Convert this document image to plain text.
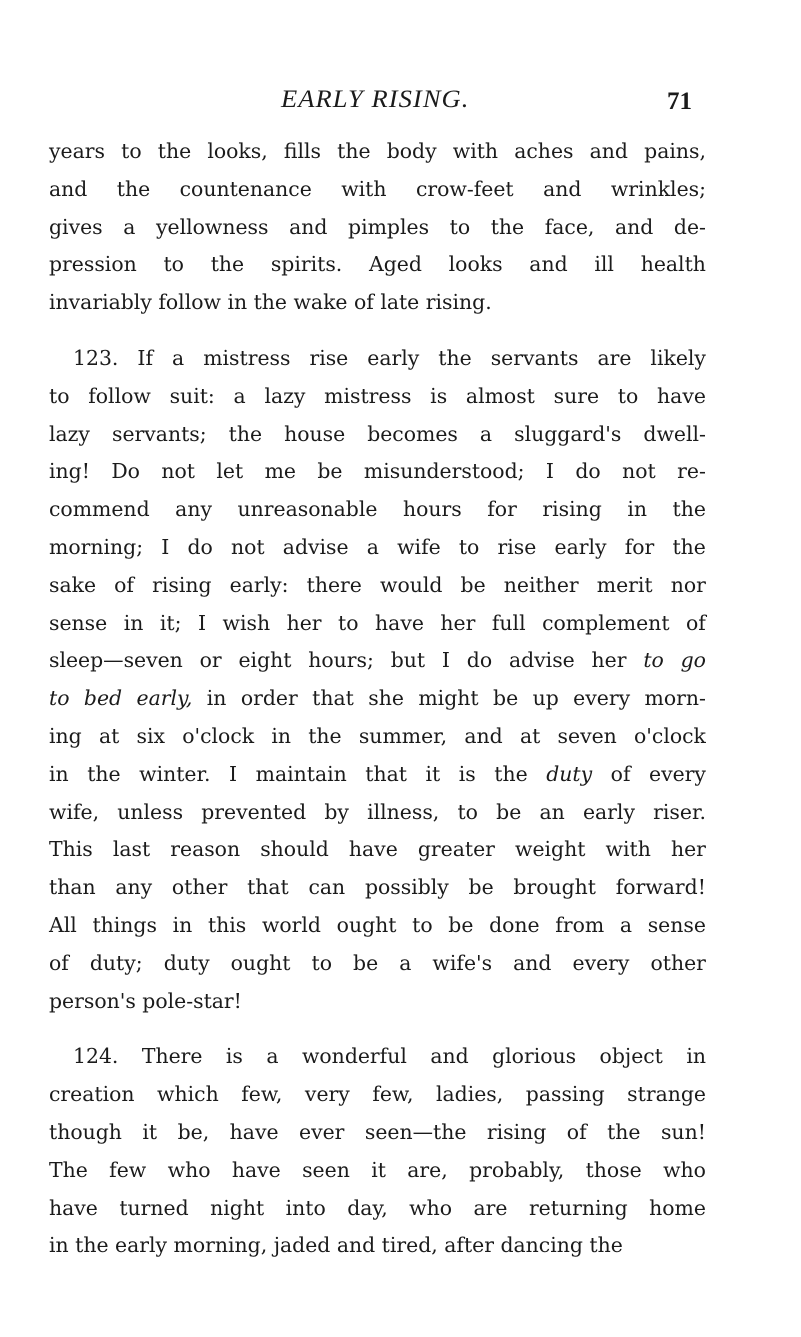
EARLY RISING.	71
years to the looks, fills the body with aches and pains,
and the countenance with crow-feet and wrinkles;
gives a yellowness and pimples to the face, and de-
pression to the spirits. Aged looks and ill health
invariably follow in the wake of late rising.
123. If a mistress rise early the servants are likely
to follow suit: a lazy mistress is almost sure to have
lazy servants; the house becomes a sluggard's dwell-
ing! Do not let me be misunderstood; I do not re-
commend any unreasonable hours for rising in the
morning; I do not advise a wife to rise early for the
sake of rising early: there would be neither merit nor
sense in it; I wish her to have her full complement of
sleep—seven or eight hours; but I do advise her to go
to bed early, in order that she might be up every morn-
ing at six o'clock in the summer, and at seven o'clock
in the winter. I maintain that it is the duty of every
wife, unless prevented by illness, to be an early riser.
This last reason should have greater weight with her
than any other that can possibly be brought forward!
All things in this world ought to be done from a sense
of duty; duty ought to be a wife's and every other
person's pole-star!
124. There is a wonderful and glorious object in
creation which few, very few, ladies, passing strange
though it be, have ever seen—the rising of the sun!
The few who have seen it are, probably, those who
have turned night into day, who are returning home
in the early morning, jaded and tired, after dancing the
